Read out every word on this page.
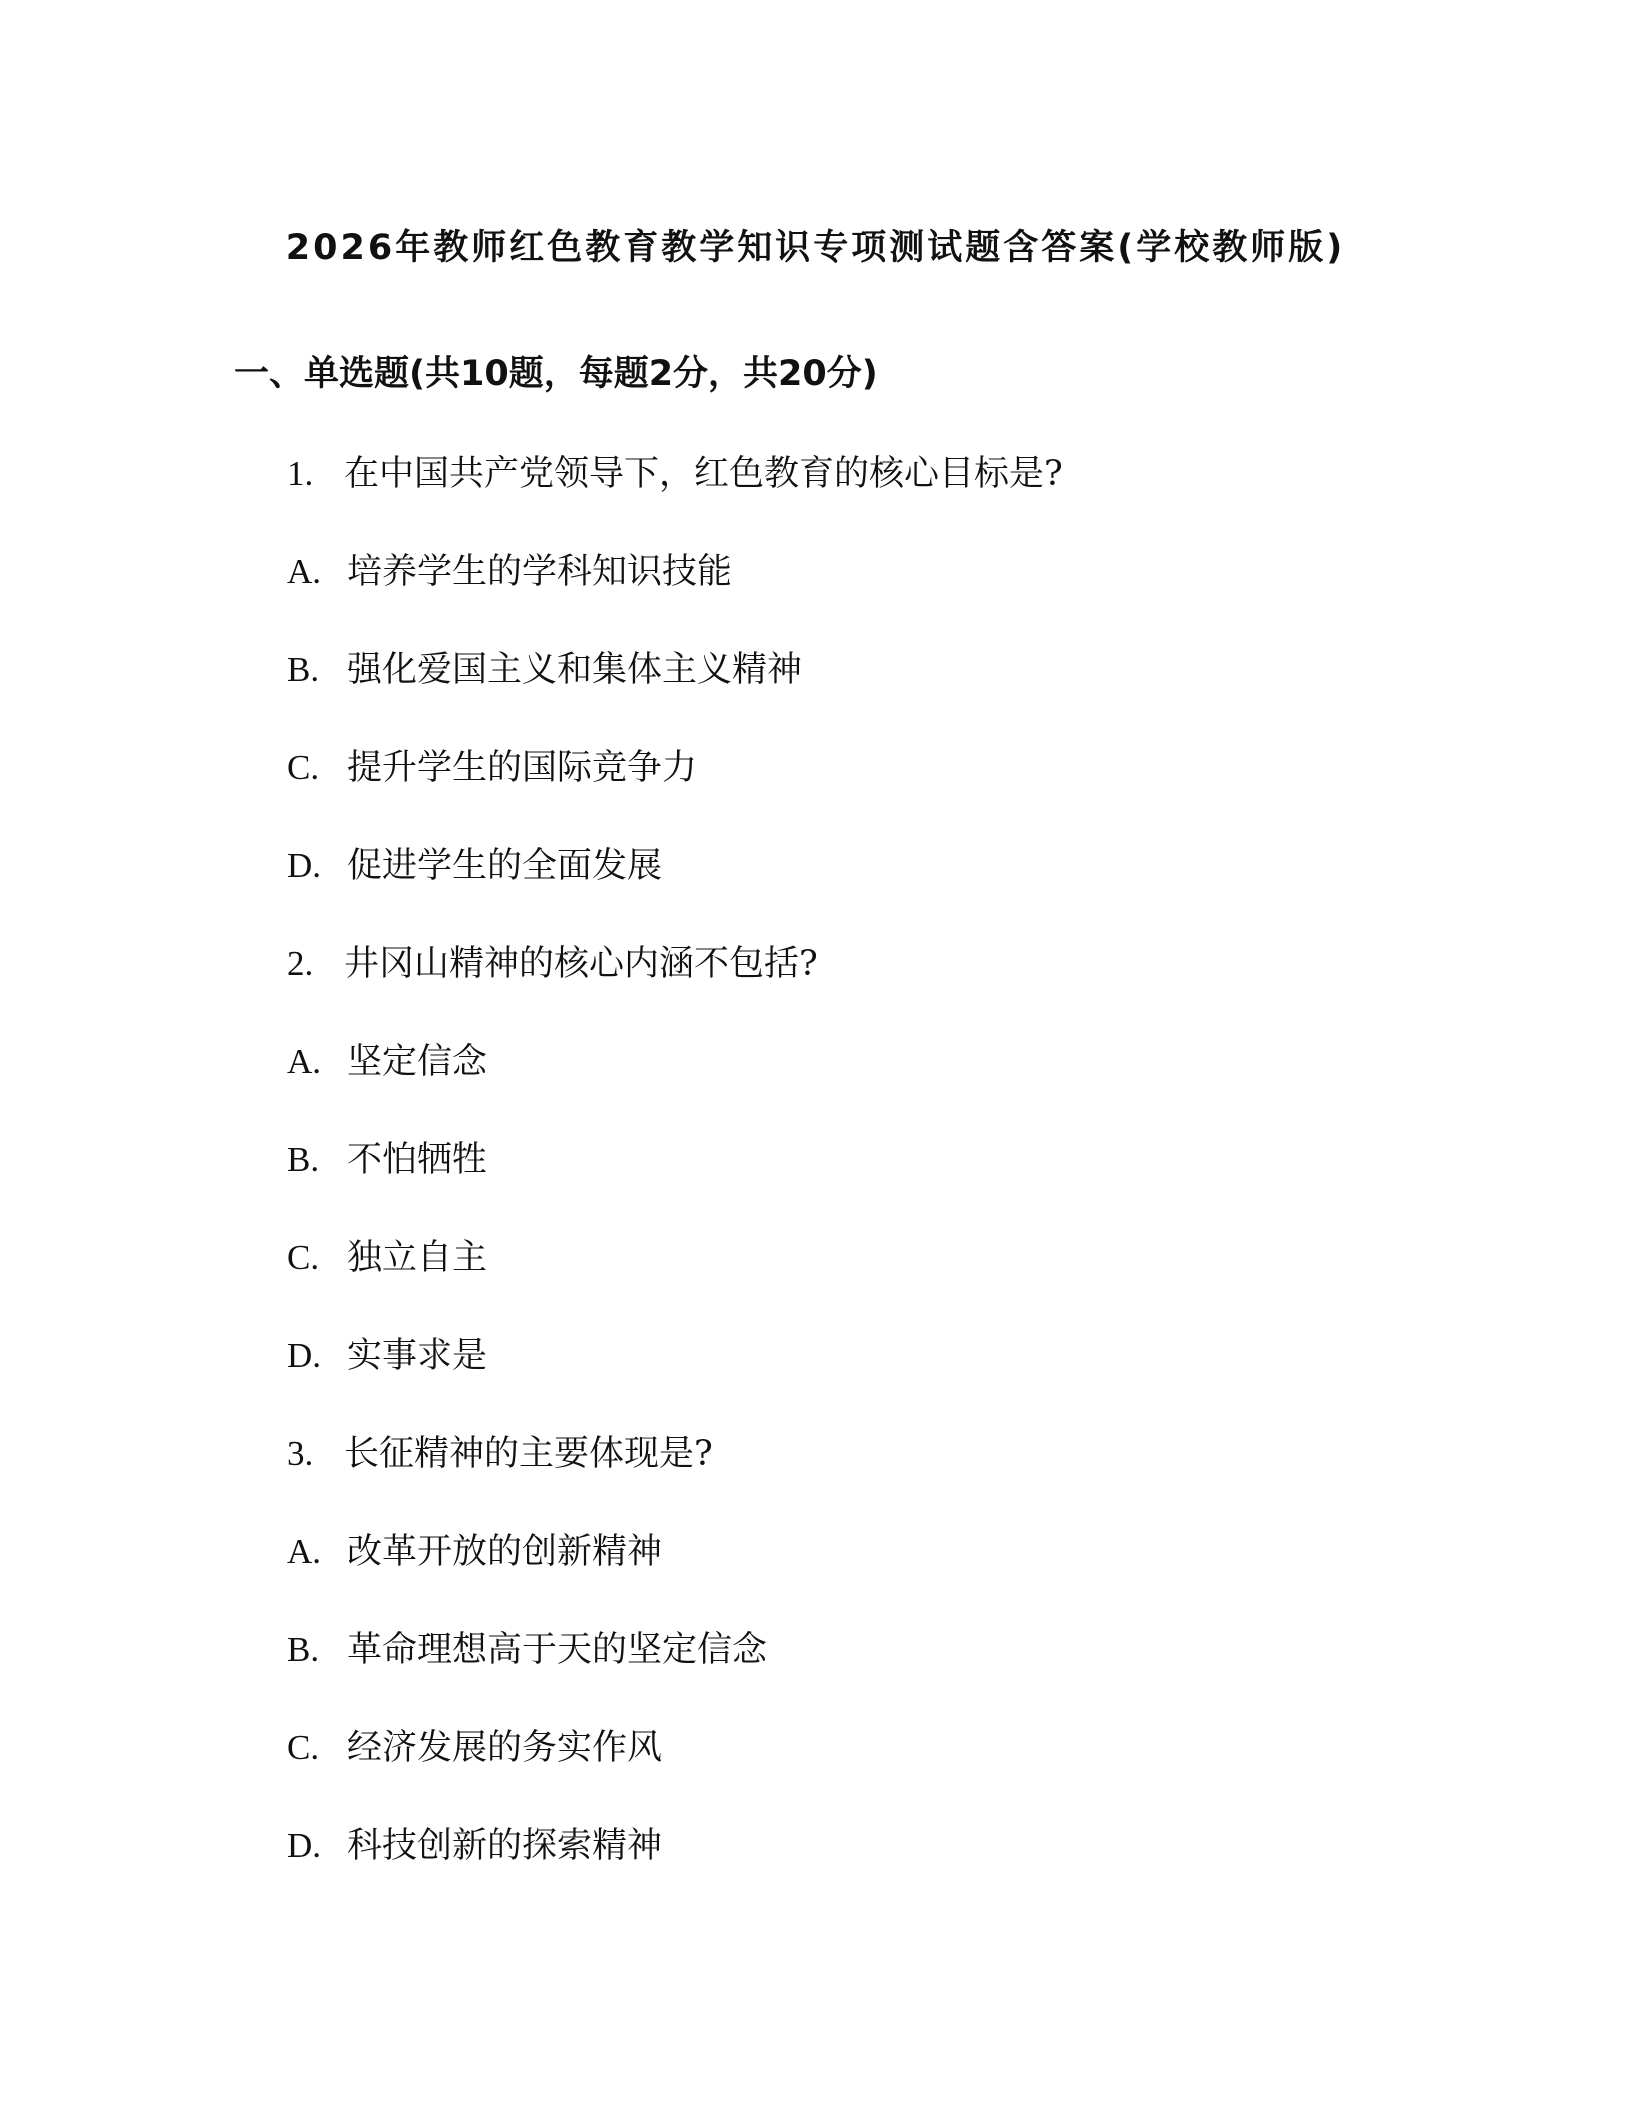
2026年教师红色教育教学知识专项测试题含答案(学校教师版)
一、单选题(共10题，每题2分，共20分)
1. 在中国共产党领导下，红色教育的核心目标是?
A. 培养学生的学科知识技能
B. 强化爱国主义和集体主义精神
C. 提升学生的国际竞争力
D. 促进学生的全面发展
2. 井冈山精神的核心内涵不包括?
A. 坚定信念
B. 不怕牺牲
C. 独立自主
D. 实事求是
3. 长征精神的主要体现是?
A. 改革开放的创新精神
B. 革命理想高于天的坚定信念
C. 经济发展的务实作风
D. 科技创新的探索精神
